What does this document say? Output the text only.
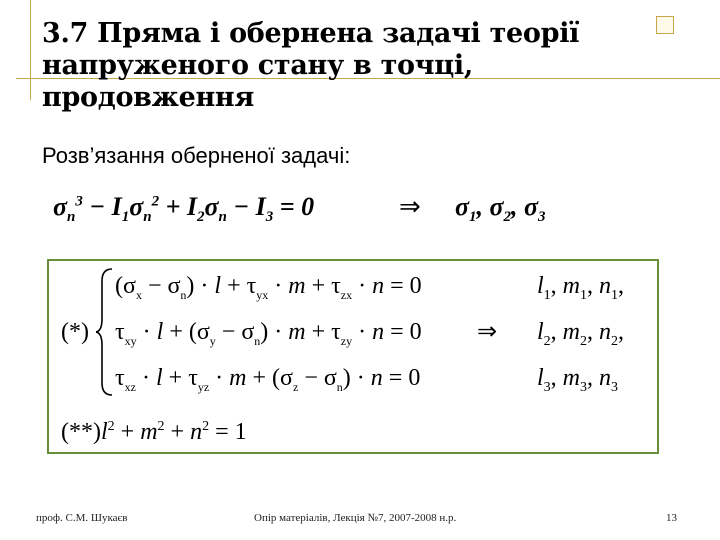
3.7 Пряма і обернена задачі теорії напруженого стану в точці, продовження
Розв’язання оберненої задачі:
$\sigma_n^3 - I_1\sigma_n^2 + I_2\sigma_n - I_3 = 0$	⇒ $\sigma_1$, $\sigma_2$, $\sigma_3$
(*)
$(\sigma_x - \sigma_n) \cdot l + \tau_{yx} \cdot m + \tau_{zx} \cdot n = 0$
$\tau_{xy} \cdot l + (\sigma_y - \sigma_n) \cdot m + \tau_{zy} \cdot n = 0$
$\tau_{xz} \cdot l + \tau_{yz} \cdot m + (\sigma_z - \sigma_n) \cdot n = 0$
⇒
$l_1$, $m_1$, $n_1$,
$l_2$, $m_2$, $n_2$,
$l_3$, $m_3$, $n_3$
$(**)l^2 + m^2 + n^2 = 1$
проф. С.М. Шукаєв	Опір матеріалів, Лекція №7, 2007-2008 н.р.	13
